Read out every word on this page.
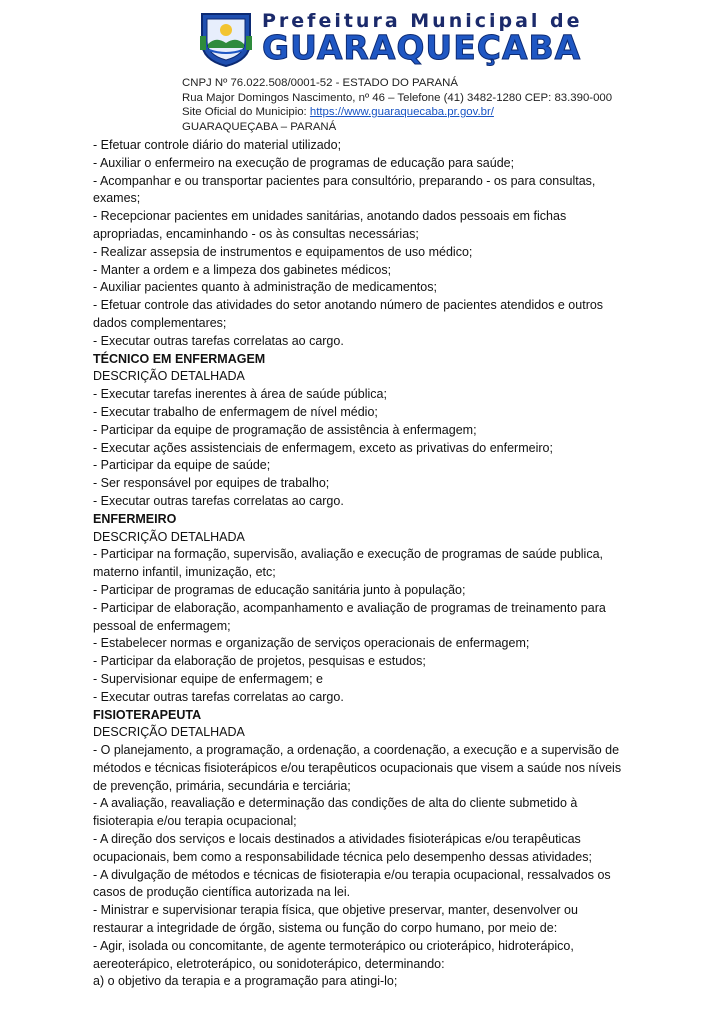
Prefeitura Municipal de
GUARAQUEÇABA
CNPJ Nº 76.022.508/0001-52 - ESTADO DO PARANÁ
Rua Major Domingos Nascimento, nº 46 – Telefone (41) 3482-1280 CEP: 83.390-000
Site Oficial do Municipio: https://www.guaraquecaba.pr.gov.br/
GUARAQUEÇABA – PARANÁ

- Efetuar controle diário do material utilizado;

- Auxiliar o enfermeiro na execução de programas de educação para saúde;

- Acompanhar e ou transportar pacientes para consultório, preparando - os para consultas,

exames;

- Recepcionar pacientes em unidades sanitárias, anotando dados pessoais em fichas

apropriadas, encaminhando - os às consultas necessárias;

- Realizar assepsia de instrumentos e equipamentos de uso médico;

- Manter a ordem e a limpeza dos gabinetes médicos;

- Auxiliar pacientes quanto à administração de medicamentos;

- Efetuar controle das atividades do setor anotando número de pacientes atendidos e outros

dados complementares;

- Executar outras tarefas correlatas ao cargo.

TÉCNICO EM ENFERMAGEM

DESCRIÇÃO DETALHADA

- Executar tarefas inerentes à área de saúde pública;

- Executar trabalho de enfermagem de nível médio;

- Participar da equipe de programação de assistência à enfermagem;

- Executar ações assistenciais de enfermagem, exceto as privativas do enfermeiro;

- Participar da equipe de saúde;

- Ser responsável por equipes de trabalho;

- Executar outras tarefas correlatas ao cargo.

ENFERMEIRO

DESCRIÇÃO DETALHADA

- Participar na formação, supervisão, avaliação e execução de programas de saúde publica,

materno infantil, imunização, etc;

- Participar de programas de educação sanitária junto à população;

- Participar de elaboração, acompanhamento e avaliação de programas de treinamento para

pessoal de enfermagem;

- Estabelecer normas e organização de serviços operacionais de enfermagem;

- Participar da elaboração de projetos, pesquisas e estudos;

- Supervisionar equipe de enfermagem; e

- Executar outras tarefas correlatas ao cargo.

FISIOTERAPEUTA

DESCRIÇÃO DETALHADA

- O planejamento, a programação, a ordenação, a coordenação, a execução e a supervisão de

métodos e técnicas fisioterápicos e/ou terapêuticos ocupacionais que visem a saúde nos níveis

de prevenção, primária, secundária e terciária;

- A avaliação, reavaliação e determinação das condições de alta do cliente submetido à

fisioterapia e/ou terapia ocupacional;

- A direção dos serviços e locais destinados a atividades fisioterápicas e/ou terapêuticas

ocupacionais, bem como a responsabilidade técnica pelo desempenho dessas atividades;

- A divulgação de métodos e técnicas de fisioterapia e/ou terapia ocupacional, ressalvados os

casos de produção científica autorizada na lei.

- Ministrar e supervisionar terapia física, que objetive preservar, manter, desenvolver ou

restaurar a integridade de órgão, sistema ou função do corpo humano, por meio de:

- Agir, isolada ou concomitante, de agente termoterápico ou crioterápico, hidroterápico,

aereoterápico, eletroterápico, ou sonidoterápico, determinando:

a) o objetivo da terapia e a programação para atingi-lo;
